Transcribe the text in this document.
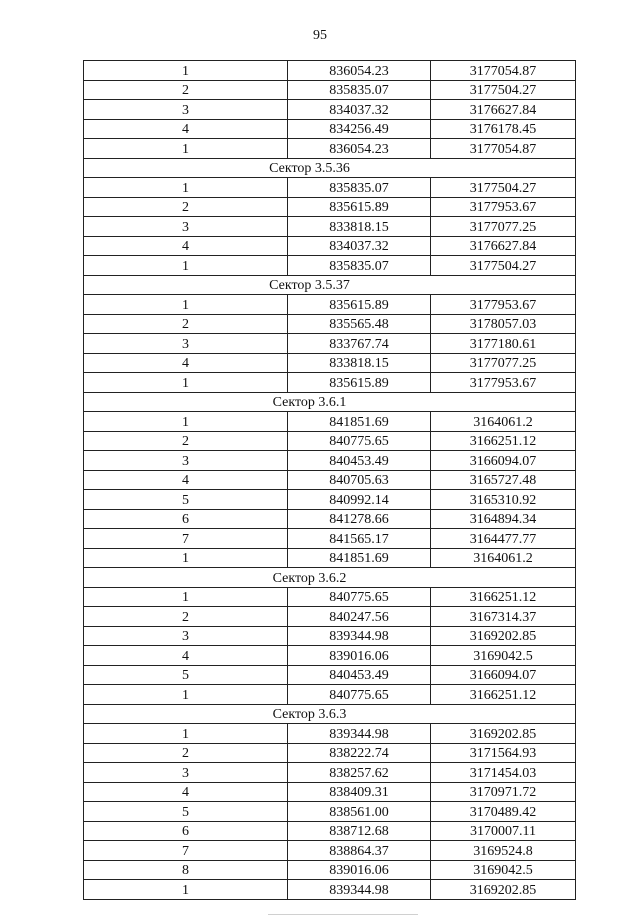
95
1	836054.23	3177054.87
2	835835.07	3177504.27
3	834037.32	3176627.84
4	834256.49	3176178.45
1	836054.23	3177054.87
Сектор 3.5.36		
1	835835.07	3177504.27
2	835615.89	3177953.67
3	833818.15	3177077.25
4	834037.32	3176627.84
1	835835.07	3177504.27
Сектор 3.5.37		
1	835615.89	3177953.67
2	835565.48	3178057.03
3	833767.74	3177180.61
4	833818.15	3177077.25
1	835615.89	3177953.67
Сектор 3.6.1		
1	841851.69	3164061.2
2	840775.65	3166251.12
3	840453.49	3166094.07
4	840705.63	3165727.48
5	840992.14	3165310.92
6	841278.66	3164894.34
7	841565.17	3164477.77
1	841851.69	3164061.2
Сектор 3.6.2		
1	840775.65	3166251.12
2	840247.56	3167314.37
3	839344.98	3169202.85
4	839016.06	3169042.5
5	840453.49	3166094.07
1	840775.65	3166251.12
Сектор 3.6.3		
1	839344.98	3169202.85
2	838222.74	3171564.93
3	838257.62	3171454.03
4	838409.31	3170971.72
5	838561.00	3170489.42
6	838712.68	3170007.11
7	838864.37	3169524.8
8	839016.06	3169042.5
1	839344.98	3169202.85
